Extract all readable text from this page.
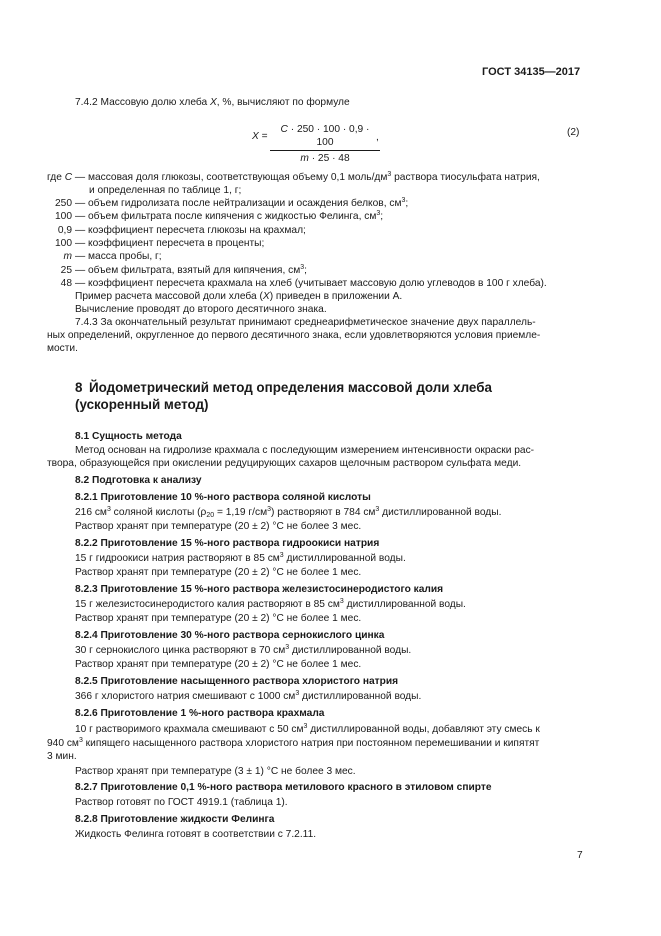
ГОСТ 34135—2017
7.4.2 Массовую долю хлеба X, %, вычисляют по формуле
$X = \frac{C \cdot 250 \cdot 100 \cdot 0,9 \cdot 100}{m \cdot 25 \cdot 48}$
,	(2)
где C — массовая доля глюкозы, соответствующая объему 0,1 моль/$дм^3$ раствора тиосульфата натрия,
и определенная по таблице 1, г;
250 — объем гидролизата после нейтрализации и осаждения белков, $см^3$;
100 — объем фильтрата после кипячения с жидкостью Фелинга, $см^3$;
0,9 — коэффициент пересчета глюкозы на крахмал;
100 — коэффициент пересчета в проценты;
m — масса пробы, г;
25 — объем фильтрата, взятый для кипячения, $см^3$;
48 — коэффициент пересчета крахмала на хлеб (учитывает массовую долю углеводов в 100 г хлеба).
Пример расчета массовой доли хлеба (X) приведен в приложении А.
Вычисление проводят до второго десятичного знака.
7.4.3 За окончательный результат принимают среднеарифметическое значение двух параллель-
ных определений, округленное до первого десятичного знака, если удовлетворяются условия приемле-
мости.
8 Йодометрический метод определения массовой доли хлеба
(ускоренный метод)
8.1 Сущность метода
Метод основан на гидролизе крахмала с последующим измерением интенсивности окраски рас-
твора, образующейся при окислении редуцирующих сахаров щелочным раствором сульфата меди.
8.2 Подготовка к анализу
8.2.1 Приготовление 10 %-ного раствора соляной кислоты
216 $см^3$ соляной кислоты ($\rho_{20} = 1,19$ $г/см^3$) растворяют в 784 $см^3$ дистиллированной воды.
Раствор хранят при температуре (20 ± 2) °C не более 3 мес.
8.2.2 Приготовление 15 %-ного раствора гидроокиси натрия
15 г гидроокиси натрия растворяют в 85 $см^3$ дистиллированной воды.
Раствор хранят при температуре (20 ± 2) °C не более 1 мес.
8.2.3 Приготовление 15 %-ного раствора железистосинеродистого калия
15 г железистосинеродистого калия растворяют в 85 $см^3$ дистиллированной воды.
Раствор хранят при температуре (20 ± 2) °C не более 1 мес.
8.2.4 Приготовление 30 %-ного раствора сернокислого цинка
30 г сернокислого цинка растворяют в 70 $см^3$ дистиллированной воды.
Раствор хранят при температуре (20 ± 2) °C не более 1 мес.
8.2.5 Приготовление насыщенного раствора хлористого натрия
366 г хлористого натрия смешивают с 1000 $см^3$ дистиллированной воды.
8.2.6 Приготовление 1 %-ного раствора крахмала
10 г растворимого крахмала смешивают с 50 $см^3$ дистиллированной воды, добавляют эту смесь к
940 $см^3$ кипящего насыщенного раствора хлористого натрия при постоянном перемешивании и кипятят
3 мин.
Раствор хранят при температуре (3 ± 1) °C не более 3 мес.
8.2.7 Приготовление 0,1 %-ного раствора метилового красного в этиловом спирте
Раствор готовят по ГОСТ 4919.1 (таблица 1).
8.2.8 Приготовление жидкости Фелинга
Жидкость Фелинга готовят в соответствии с 7.2.11.
7
